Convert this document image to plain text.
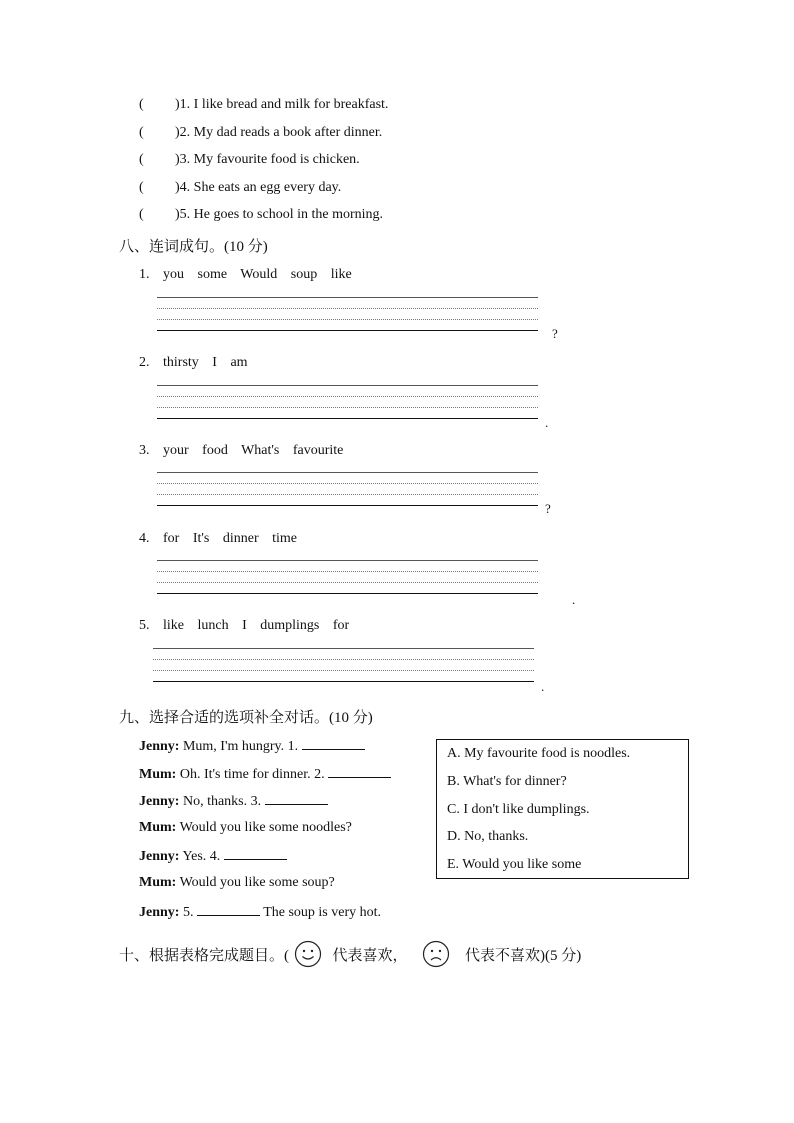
( )1. I like bread and milk for breakfast.
( )2. My dad reads a book after dinner.
( )3. My favourite food is chicken.
( )4. She eats an egg every day.
( )5. He goes to school in the morning.
八、连词成句。(10 分)
1. you some Would soup like
?
2. thirsty I am
.
3. your food What's favourite
?
4. for It's dinner time
.
5. like lunch I dumplings for
.
九、选择合适的选项补全对话。(10 分)
Jenny: Mum, I'm hungry. 1.
Mum: Oh. It's time for dinner. 2.
Jenny: No, thanks. 3.
Mum: Would you like some noodles?
Jenny: Yes. 4.
Mum: Would you like some soup?
Jenny: 5.	The soup is very hot.
A. My favourite food is noodles.
B. What's for dinner?
C. I don't like dumplings.
D. No, thanks.
E. Would you like some
十、根据表格完成题目。(	代表喜欢，	代表不喜欢)(5 分)
